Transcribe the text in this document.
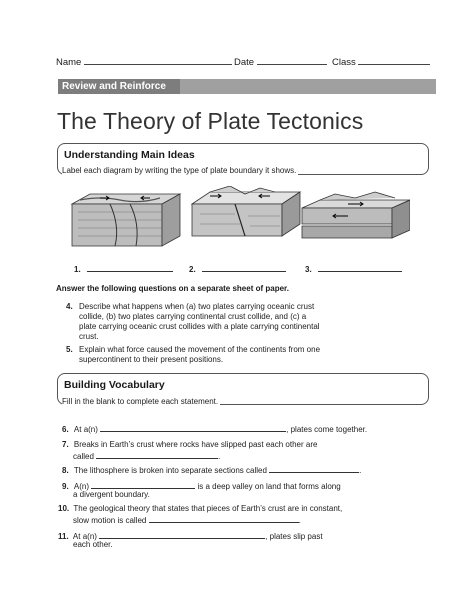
Name	Date	Class
Review and Reinforce
The Theory of Plate Tectonics
Understanding Main Ideas
Label each diagram by writing the type of plate boundary it shows.
1.	2.	3.
Answer the following questions on a separate sheet of paper.
4. Describe what happens when (a) two plates carrying oceanic crust
collide, (b) two plates carrying continental crust collide, and (c) a
plate carrying oceanic crust collides with a plate carrying continental
crust.
5. Explain what force caused the movement of the continents from one
supercontinent to their present positions.
Building Vocabulary
Fill in the blank to complete each statement.
6. At a(n)	, plates come together.
7. Breaks in Earth’s crust where rocks have slipped past each other are
called	.
8. The lithosphere is broken into separate sections called	.
9. A(n)	is a deep valley on land that forms along
a divergent boundary.
10. The geological theory that states that pieces of Earth’s crust are in constant,
slow motion is called	.
11. At a(n)	, plates slip past
each other.
